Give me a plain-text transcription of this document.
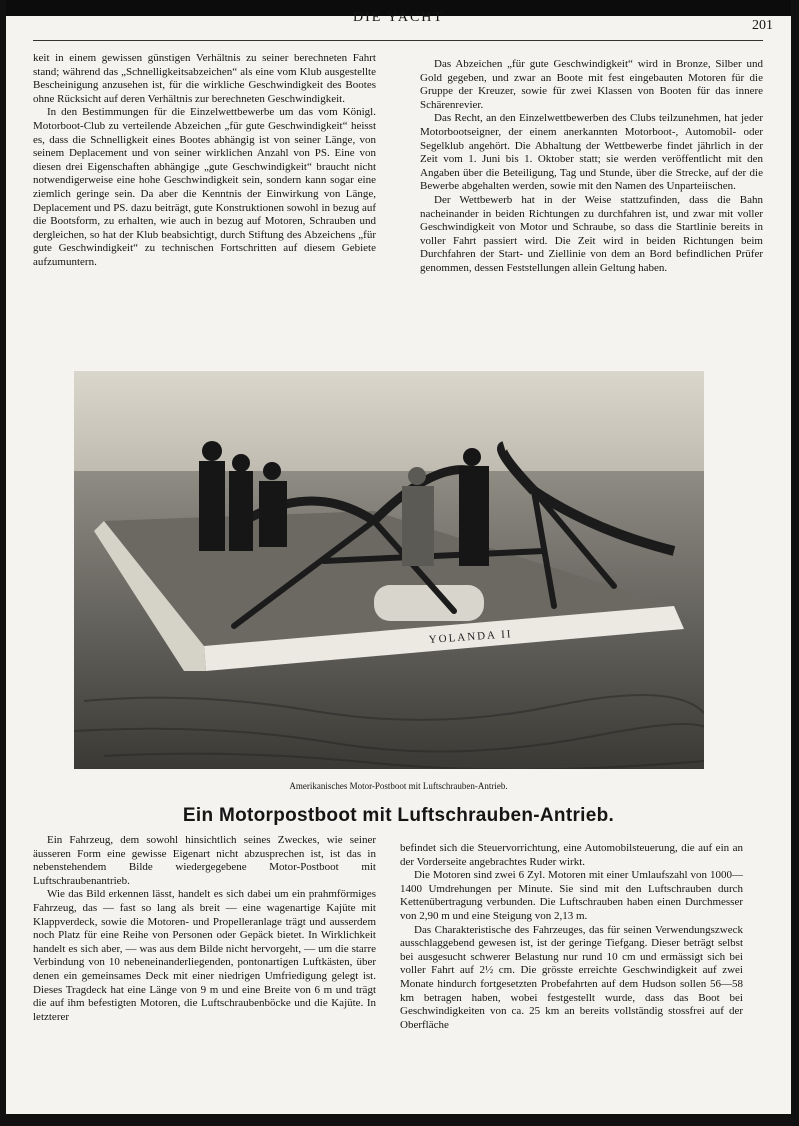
DIE YACHT
201

keit in einem gewissen günstigen Verhältnis zu seiner berechneten Fahrt stand; während das „Schnelligkeitsabzeichen“ als eine vom Klub ausgestellte Bescheinigung anzusehen ist, für die wirkliche Geschwindigkeit des Bootes ohne Rücksicht auf deren Verhältnis zur berechneten Geschwindigkeit.

In den Bestimmungen für die Einzelwettbewerbe um das vom Königl. Motorboot-Club zu verteilende Abzeichen „für gute Geschwindigkeit“ heisst es, dass die Schnelligkeit eines Bootes abhängig ist von seiner Länge, von seinem Deplacement und von seiner wirklichen Anzahl von PS. Eine von diesen drei Eigenschaften abhängige „gute Geschwindigkeit“ braucht nicht notwendigerweise eine hohe Geschwindigkeit sein, sondern kann sogar eine ziemlich geringe sein. Da aber die Kenntnis der Einwirkung von Länge, Deplacement und PS. dazu beiträgt, gute Konstruktionen sowohl in bezug auf die Bootsform, zu erhalten, wie auch in bezug auf Motoren, Schrauben und dergleichen, so hat der Klub beabsichtigt, durch Stiftung des Abzeichens „für gute Geschwindigkeit“ zu technischen Fortschritten auf diesem Gebiete aufzumuntern.

Das Abzeichen „für gute Geschwindigkeit“ wird in Bronze, Silber und Gold gegeben, und zwar an Boote mit fest eingebauten Motoren für die Gruppe der Kreuzer, sowie für zwei Klassen von Booten für das innere Schärenrevier.

Das Recht, an den Einzelwettbewerben des Clubs teilzunehmen, hat jeder Motorbootseigner, der einem anerkannten Motorboot-, Automobil- oder Segelklub angehört. Die Abhaltung der Wettbewerbe findet jährlich in der Zeit vom 1. Juni bis 1. Oktober statt; sie werden veröffentlicht mit den Angaben über die Beteiligung, Tag und Stunde, über die Strecke, auf der die Bewerbe abgehalten werden, sowie mit den Namen des Unparteiischen.

Der Wettbewerb hat in der Weise stattzufinden, dass die Bahn nacheinander in beiden Richtungen zu durchfahren ist, und zwar mit voller Geschwindigkeit von Motor und Schraube, so dass die Startlinie bereits in voller Fahrt passiert wird. Die Zeit wird in beiden Richtungen beim Durchfahren der Start- und Ziellinie von dem an Bord befindlichen Prüfer genommen, dessen Feststellungen allein Geltung haben.

YOLANDA II
Amerikanisches Motor-Postboot mit Luftschrauben-Antrieb.
Ein Motorpostboot mit Luftschrauben-Antrieb.

Ein Fahrzeug, dem sowohl hinsichtlich seines Zweckes, wie seiner äusseren Form eine gewisse Eigenart nicht abzusprechen ist, ist das in nebenstehendem Bilde wiedergegebene Motor-Postboot mit Luftschraubenantrieb.

Wie das Bild erkennen lässt, handelt es sich dabei um ein prahmförmiges Fahrzeug, das — fast so lang als breit — eine wagenartige Kajüte mit Klappverdeck, sowie die Motoren- und Propelleranlage trägt und ausserdem noch Platz für eine Reihe von Personen oder Gepäck bietet. In Wirklichkeit handelt es sich aber, — was aus dem Bilde nicht hervorgeht, — um die starre Verbindung von 10 nebeneinanderliegenden, pontonartigen Luftkästen, über denen ein gemeinsames Deck mit einer niedrigen Umfriedigung gelegt ist. Dieses Tragdeck hat eine Länge von 9 m und eine Breite von 6 m und trägt die auf ihm befestigten Motoren, die Luftschraubenböcke und die Kajüte. In letzterer

befindet sich die Steuervorrichtung, eine Automobilsteuerung, die auf ein an der Vorderseite angebrachtes Ruder wirkt.

Die Motoren sind zwei 6 Zyl. Motoren mit einer Umlaufszahl von 1000—1400 Umdrehungen per Minute. Sie sind mit den Luftschrauben durch Kettenübertragung verbunden. Die Luftschrauben haben einen Durchmesser von 2,90 m und eine Steigung von 2,13 m.

Das Charakteristische des Fahrzeuges, das für seinen Verwendungszweck ausschlaggebend gewesen ist, ist der geringe Tiefgang. Dieser beträgt selbst bei ausgesucht schwerer Belastung nur rund 10 cm und ermässigt sich bei voller Fahrt auf 2½ cm. Die grösste erreichte Geschwindigkeit auf zwei Monate hindurch fortgesetzten Probefahrten auf dem Hudson sollen 56—58 km betragen haben, wobei festgestellt wurde, dass das Boot bei Geschwindigkeiten von ca. 25 km an bereits vollständig stossfrei auf der Oberfläche
